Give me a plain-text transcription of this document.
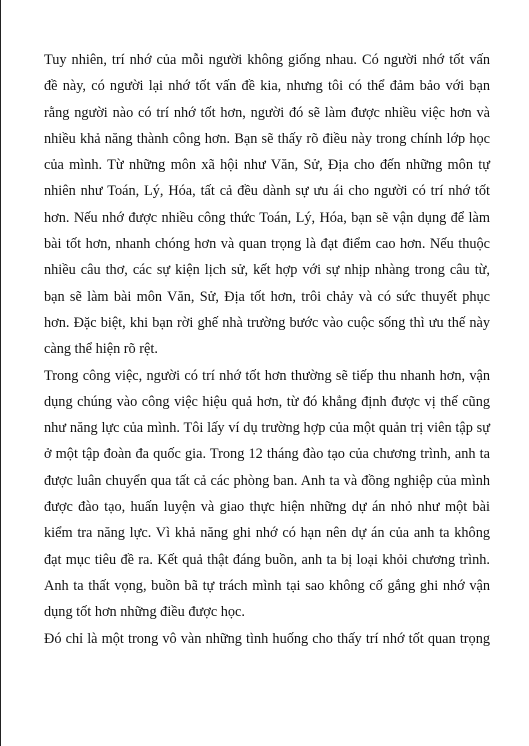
Tuy nhiên, trí nhớ của mỗi người không giống nhau. Có người nhớ tốt vấn
đề này, có người lại nhớ tốt vấn đề kia, nhưng tôi có thể đảm bảo với bạn
rằng người nào có trí nhớ tốt hơn, người đó sẽ làm được nhiều việc hơn và
nhiều khả năng thành công hơn. Bạn sẽ thấy rõ điều này trong chính lớp học
của mình. Từ những môn xã hội như Văn, Sử, Địa cho đến những môn tự
nhiên như Toán, Lý, Hóa, tất cả đều dành sự ưu ái cho người có trí nhớ tốt
hơn. Nếu nhớ được nhiều công thức Toán, Lý, Hóa, bạn sẽ vận dụng để làm
bài tốt hơn, nhanh chóng hơn và quan trọng là đạt điểm cao hơn. Nếu thuộc
nhiều câu thơ, các sự kiện lịch sử, kết hợp với sự nhịp nhàng trong câu từ,
bạn sẽ làm bài môn Văn, Sử, Địa tốt hơn, trôi chảy và có sức thuyết phục
hơn. Đặc biệt, khi bạn rời ghế nhà trường bước vào cuộc sống thì ưu thế này
càng thể hiện rõ rệt.
Trong công việc, người có trí nhớ tốt hơn thường sẽ tiếp thu nhanh hơn, vận
dụng chúng vào công việc hiệu quả hơn, từ đó khẳng định được vị thế cũng
như năng lực của mình. Tôi lấy ví dụ trường hợp của một quản trị viên tập sự
ở một tập đoàn đa quốc gia. Trong 12 tháng đào tạo của chương trình, anh ta
được luân chuyển qua tất cả các phòng ban. Anh ta và đồng nghiệp của mình
được đào tạo, huấn luyện và giao thực hiện những dự án nhỏ như một bài
kiểm tra năng lực. Vì khả năng ghi nhớ có hạn nên dự án của anh ta không
đạt mục tiêu đề ra. Kết quả thật đáng buồn, anh ta bị loại khỏi chương trình.
Anh ta thất vọng, buồn bã tự trách mình tại sao không cố gắng ghi nhớ vận
dụng tốt hơn những điều được học.
Đó chỉ là một trong vô vàn những tình huống cho thấy trí nhớ tốt quan trọng
